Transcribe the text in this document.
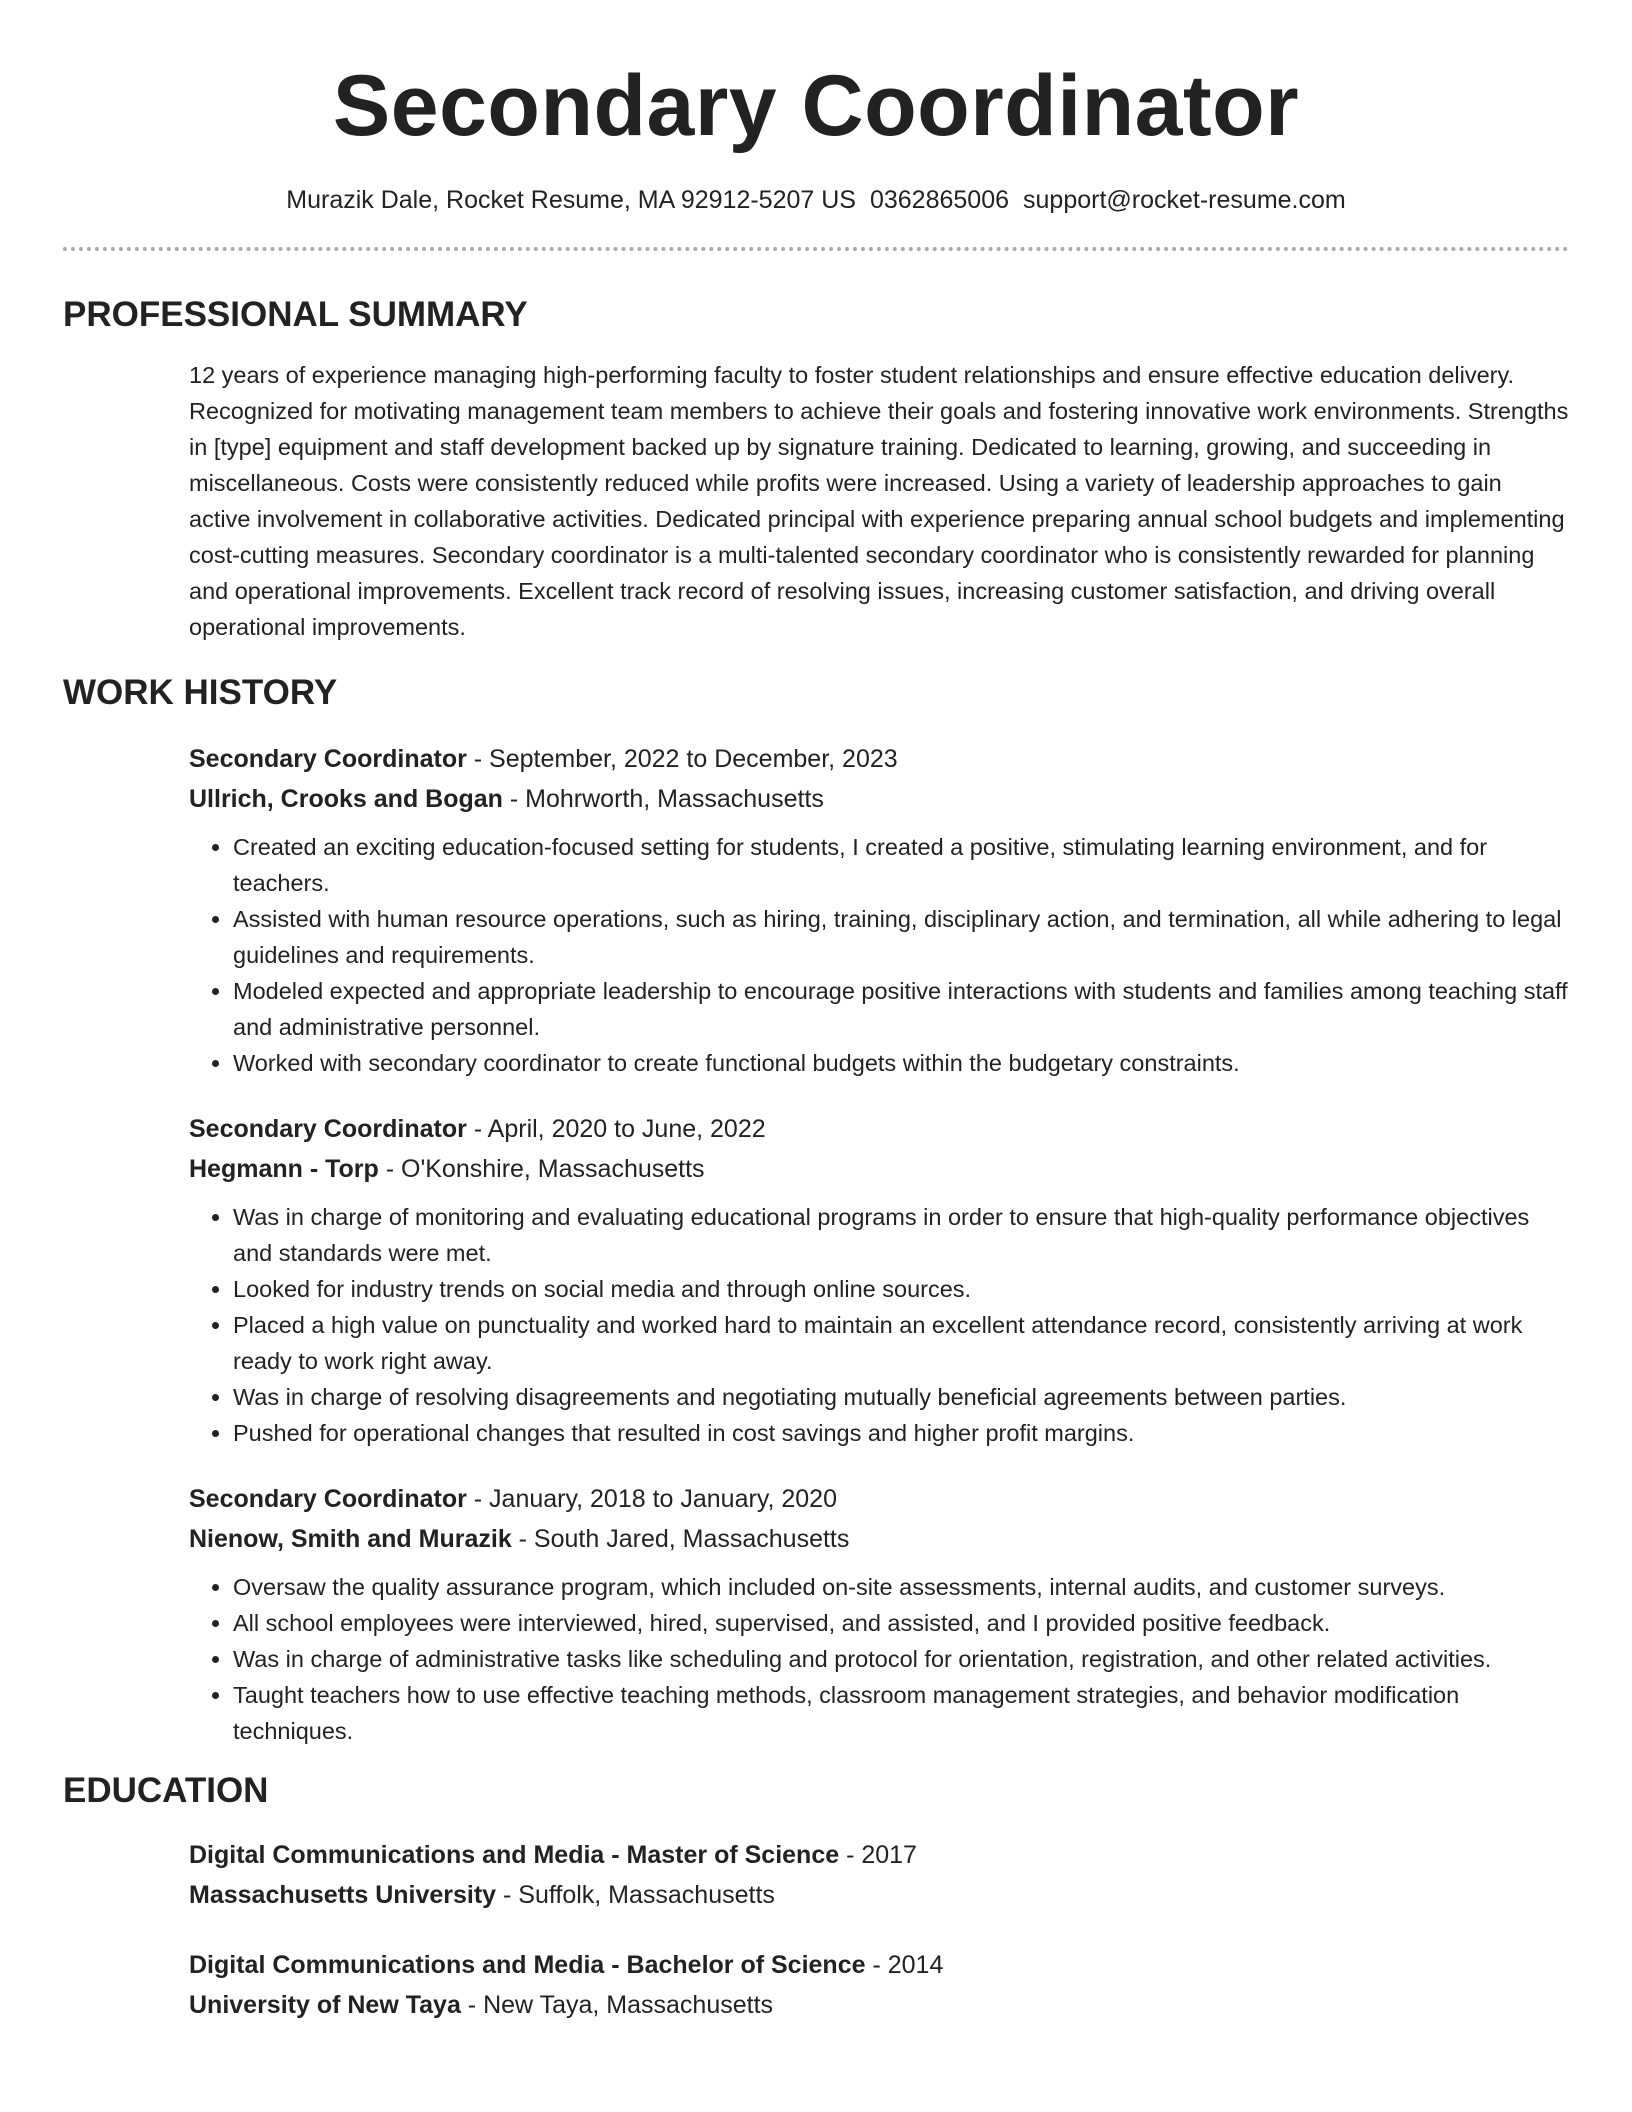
Secondary Coordinator
Murazik Dale, Rocket Resume, MA 92912-5207 US 0362865006 support@rocket-resume.com
PROFESSIONAL SUMMARY

12 years of experience managing high-performing faculty to foster student relationships and ensure effective education delivery. Recognized for motivating management team members to achieve their goals and fostering innovative work environments. Strengths in [type] equipment and staff development backed up by signature training. Dedicated to learning, growing, and succeeding in miscellaneous. Costs were consistently reduced while profits were increased. Using a variety of leadership approaches to gain active involvement in collaborative activities. Dedicated principal with experience preparing annual school budgets and implementing cost-cutting measures. Secondary coordinator is a multi-talented secondary coordinator who is consistently rewarded for planning and operational improvements. Excellent track record of resolving issues, increasing customer satisfaction, and driving overall operational improvements.

WORK HISTORY
Secondary Coordinator - September, 2022 to December, 2023
Ullrich, Crooks and Bogan - Mohrworth, Massachusetts
• Created an exciting education-focused setting for students, I created a positive, stimulating learning environment, and for teachers.
• Assisted with human resource operations, such as hiring, training, disciplinary action, and termination, all while adhering to legal guidelines and requirements.
• Modeled expected and appropriate leadership to encourage positive interactions with students and families among teaching staff and administrative personnel.
• Worked with secondary coordinator to create functional budgets within the budgetary constraints.
Secondary Coordinator - April, 2020 to June, 2022
Hegmann - Torp - O'Konshire, Massachusetts
• Was in charge of monitoring and evaluating educational programs in order to ensure that high-quality performance objectives and standards were met.
• Looked for industry trends on social media and through online sources.
• Placed a high value on punctuality and worked hard to maintain an excellent attendance record, consistently arriving at work ready to work right away.
• Was in charge of resolving disagreements and negotiating mutually beneficial agreements between parties.
• Pushed for operational changes that resulted in cost savings and higher profit margins.
Secondary Coordinator - January, 2018 to January, 2020
Nienow, Smith and Murazik - South Jared, Massachusetts
• Oversaw the quality assurance program, which included on-site assessments, internal audits, and customer surveys.
• All school employees were interviewed, hired, supervised, and assisted, and I provided positive feedback.
• Was in charge of administrative tasks like scheduling and protocol for orientation, registration, and other related activities.
• Taught teachers how to use effective teaching methods, classroom management strategies, and behavior modification techniques.
EDUCATION
Digital Communications and Media - Master of Science - 2017
Massachusetts University - Suffolk, Massachusetts
Digital Communications and Media - Bachelor of Science - 2014
University of New Taya - New Taya, Massachusetts
